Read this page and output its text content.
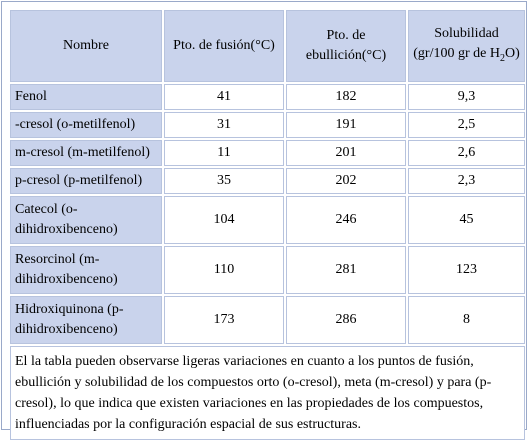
Nombre	Pto. de fusión(°C)	Pto. de ebullición(°C)	Solubilidad (gr/100 gr de $H_2O$)
Fenol	41	182	9,3
-cresol (o-metilfenol)	31	191	2,5
m-cresol (m-metilfenol)	11	201	2,6
p-cresol (p-metilfenol)	35	202	2,3
Catecol (o-dihidroxibenceno)	104	246	45
Resorcinol (m-dihidroxibenceno)	110	281	123
Hidroxiquinona (p-dihidroxibenceno)	173	286	8
El la tabla pueden observarse ligeras variaciones en cuanto a los puntos de fusión, ebullición y solubilidad de los compuestos orto (o-cresol), meta (m-cresol) y para (p-cresol), lo que indica que existen variaciones en las propiedades de los compuestos, influenciadas por la configuración espacial de sus estructuras.			
